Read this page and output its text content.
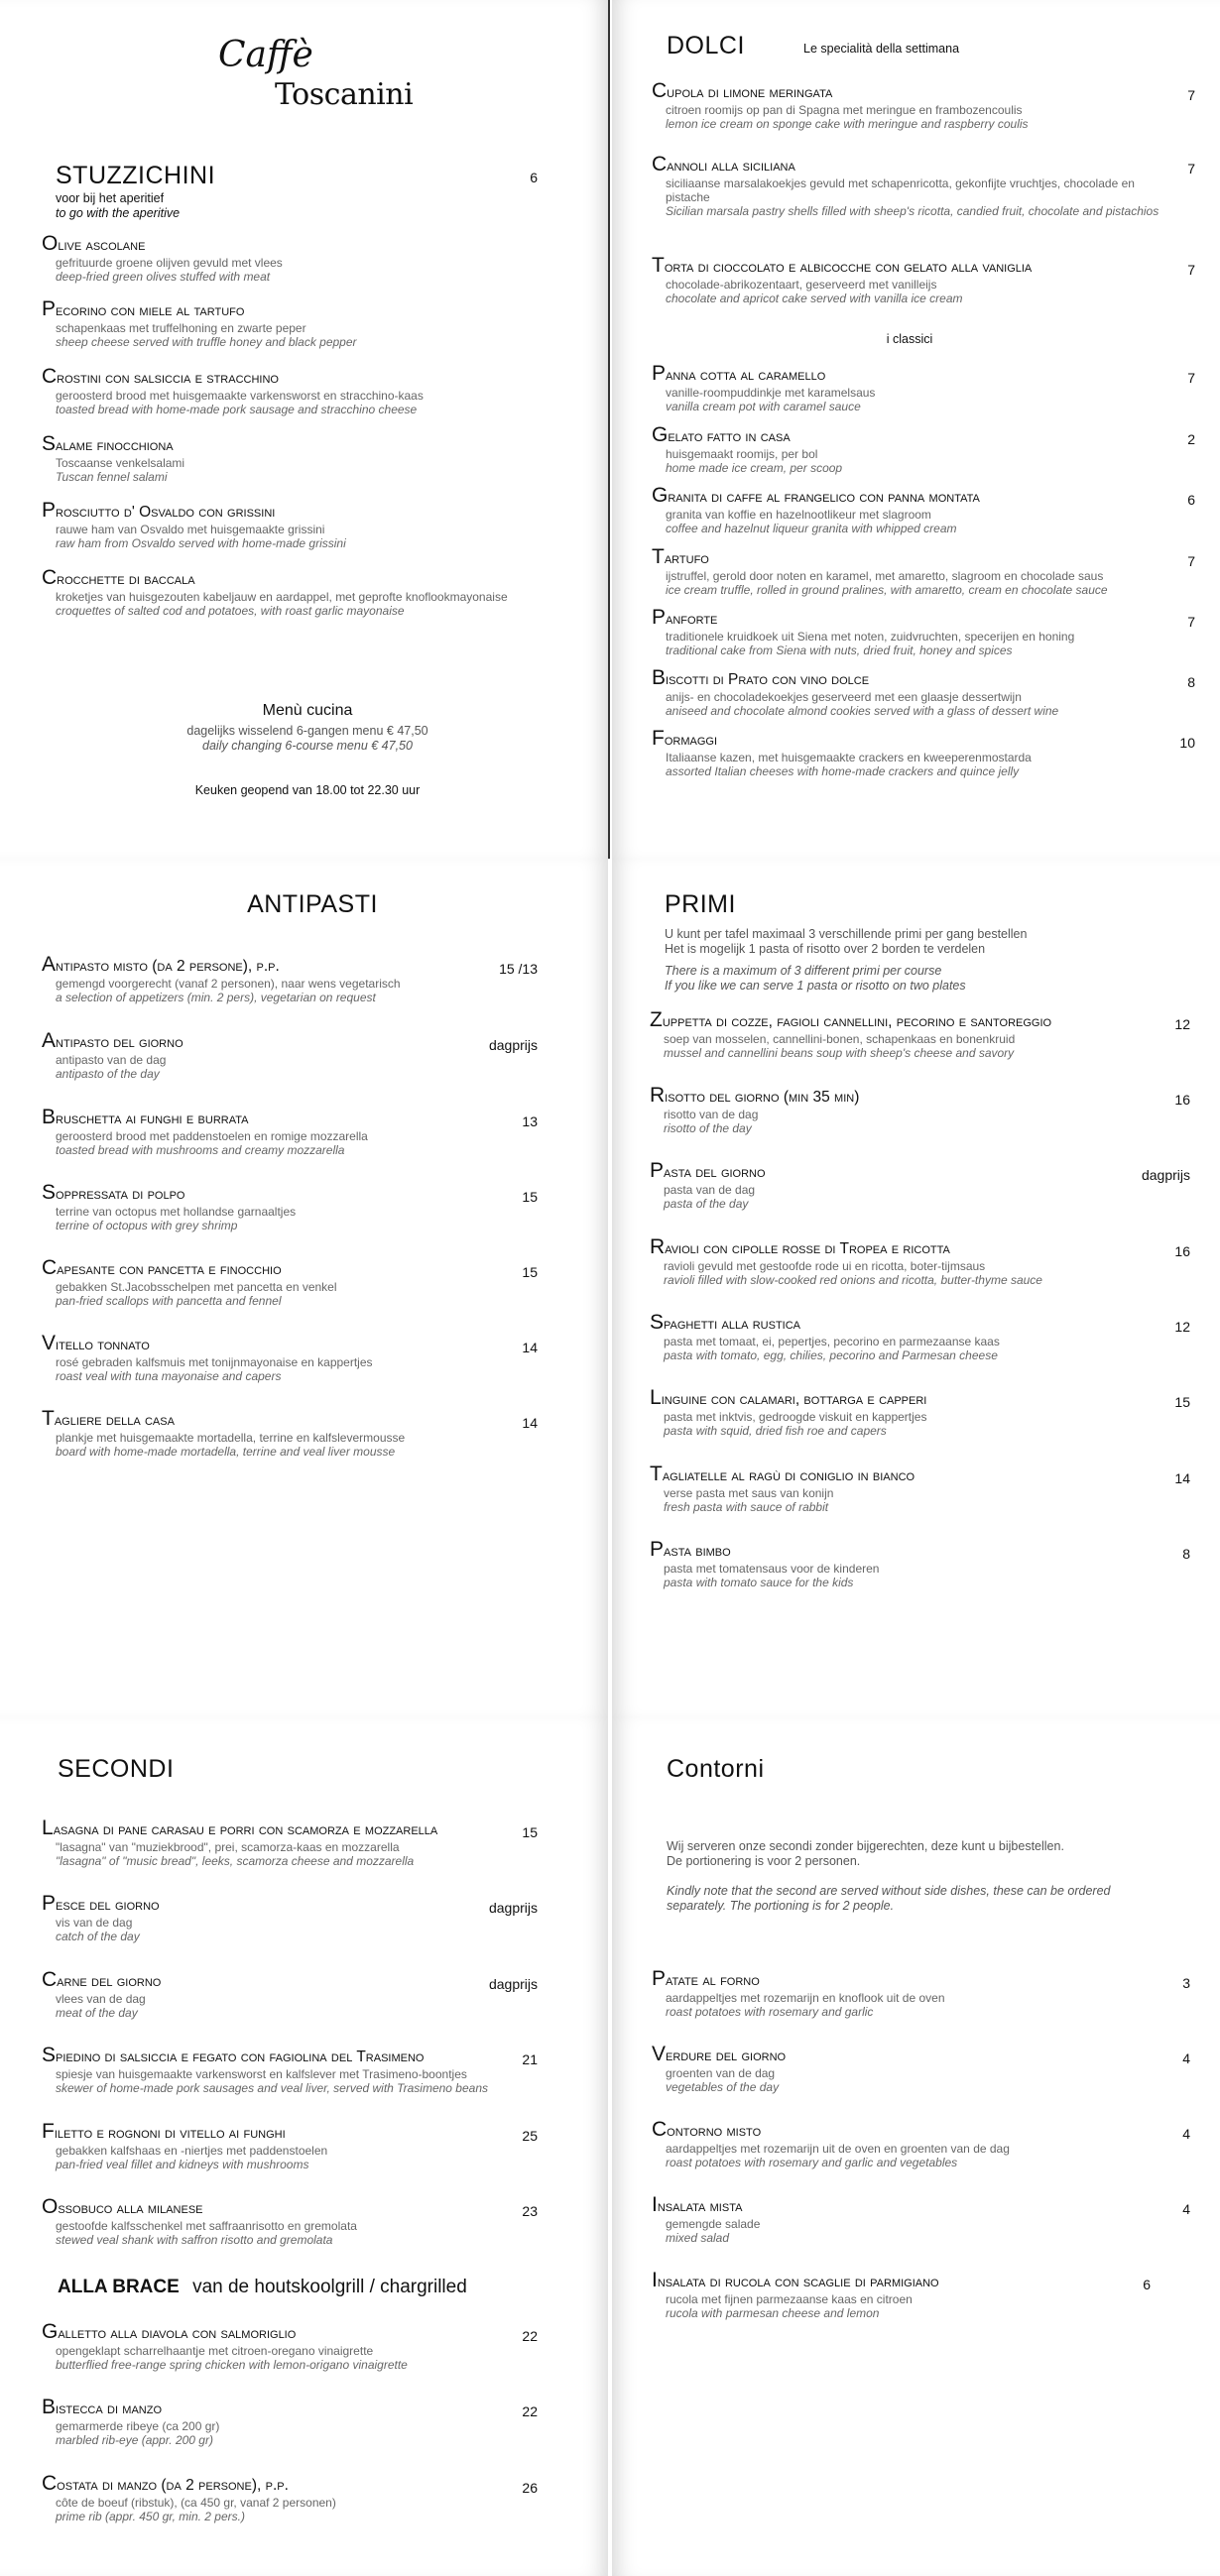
Caffè
Toscanini
STUZZICHINI	6
voor bij het aperitief
to go with the aperitive
Olive ascolane
gefrituurde groene olijven gevuld met vlees
deep-fried green olives stuffed with meat
Pecorino con miele al tartufo
schapenkaas met truffelhoning en zwarte peper
sheep cheese served with truffle honey and black pepper
Crostini con salsiccia e stracchino
geroosterd brood met huisgemaakte varkensworst en stracchino-kaas
toasted bread with home-made pork sausage and stracchino cheese
Salame finocchiona
Toscaanse venkelsalami
Tuscan fennel salami
Prosciutto d' Osvaldo con grissini
rauwe ham van Osvaldo met huisgemaakte grissini
raw ham from Osvaldo served with home-made grissini
Crocchette di baccala
kroketjes van huisgezouten kabeljauw en aardappel, met geprofte knoflookmayonaise
croquettes of salted cod and potatoes, with roast garlic mayonaise
Menù cucina
dagelijks wisselend 6-gangen menu € 47,50
daily changing 6-course menu € 47,50
Keuken geopend van 18.00 tot 22.30 uur
DOLCI	Le specialità della settimana
Cupola di limone meringata
citroen roomijs op pan di Spagna met meringue en frambozencoulis
lemon ice cream on sponge cake with meringue and raspberry coulis
7
Cannoli alla siciliana
siciliaanse marsalakoekjes gevuld met schapenricotta, gekonfijte vruchtjes, chocolade en pistache
Sicilian marsala pastry shells filled with sheep's ricotta, candied fruit, chocolate and pistachios
7
Torta di cioccolato e albicocche con gelato alla vaniglia
chocolade-abrikozentaart, geserveerd met vanilleijs
chocolate and apricot cake served with vanilla ice cream
7
i classici
Panna cotta al caramello
vanille-roompuddinkje met karamelsaus
vanilla cream pot with caramel sauce
7
Gelato fatto in casa
huisgemaakt roomijs, per bol
home made ice cream, per scoop
2
Granita di caffe al frangelico con panna montata
granita van koffie en hazelnootlikeur met slagroom
coffee and hazelnut liqueur granita with whipped cream
6
Tartufo
ijstruffel, gerold door noten en karamel, met amaretto, slagroom en chocolade saus
ice cream truffle, rolled in ground pralines, with amaretto, cream en chocolate sauce
7
Panforte
traditionele kruidkoek uit Siena met noten, zuidvruchten, specerijen en honing
traditional cake from Siena with nuts, dried fruit, honey and spices
7
Biscotti di Prato con vino dolce
anijs- en chocoladekoekjes geserveerd met een glaasje dessertwijn
aniseed and chocolate almond cookies served with a glass of dessert wine
8
Formaggi
Italiaanse kazen, met huisgemaakte crackers en kweeperenmostarda
assorted Italian cheeses with home-made crackers and quince jelly
10
ANTIPASTI
Antipasto misto (da 2 persone), p.p.
gemengd voorgerecht (vanaf 2 personen), naar wens vegetarisch
a selection of appetizers (min. 2 pers), vegetarian on request
15 /13
Antipasto del giorno
antipasto van de dag
antipasto of the day
dagprijs
Bruschetta ai funghi e burrata
geroosterd brood met paddenstoelen en romige mozzarella
toasted bread with mushrooms and creamy mozzarella
13
Soppressata di polpo
terrine van octopus met hollandse garnaaltjes
terrine of octopus with grey shrimp
15
Capesante con pancetta e finocchio
gebakken St.Jacobsschelpen met pancetta en venkel
pan-fried scallops with pancetta and fennel
15
Vitello tonnato
rosé gebraden kalfsmuis met tonijnmayonaise en kappertjes
roast veal with tuna mayonaise and capers
14
Tagliere della casa
plankje met huisgemaakte mortadella, terrine en kalfslevermousse
board with home-made mortadella, terrine and veal liver mousse
14
PRIMI
U kunt per tafel maximaal 3 verschillende primi per gang bestellen
Het is mogelijk 1 pasta of risotto over 2 borden te verdelen
There is a maximum of 3 different primi per course
If you like we can serve 1 pasta or risotto on two plates
Zuppetta di cozze, fagioli cannellini, pecorino e santoreggio
soep van mosselen, cannellini-bonen, schapenkaas en bonenkruid
mussel and cannellini beans soup with sheep's cheese and savory
12
Risotto del giorno (min 35 min)
risotto van de dag
risotto of the day
16
Pasta del giorno
pasta van de dag
pasta of the day
dagprijs
Ravioli con cipolle rosse di Tropea e ricotta
ravioli gevuld met gestoofde rode ui en ricotta, boter-tijmsaus
ravioli filled with slow-cooked red onions and ricotta, butter-thyme sauce
16
Spaghetti alla rustica
pasta met tomaat, ei, pepertjes, pecorino en parmezaanse kaas
pasta with tomato, egg, chilies, pecorino and Parmesan cheese
12
Linguine con calamari, bottarga e capperi
pasta met inktvis, gedroogde viskuit en kappertjes
pasta with squid, dried fish roe and capers
15
Tagliatelle al ragù di coniglio in bianco
verse pasta met saus van konijn
fresh pasta with sauce of rabbit
14
Pasta bimbo
pasta met tomatensaus voor de kinderen
pasta with tomato sauce for the kids
8
SECONDI
Lasagna di pane carasau e porri con scamorza e mozzarella
"lasagna" van "muziekbrood", prei, scamorza-kaas en mozzarella
"lasagna" of "music bread", leeks, scamorza cheese and mozzarella
15
Pesce del giorno
vis van de dag
catch of the day
dagprijs
Carne del giorno
vlees van de dag
meat of the day
dagprijs
Spiedino di salsiccia e fegato con fagiolina del Trasimeno
spiesje van huisgemaakte varkensworst en kalfslever met Trasimeno-boontjes
skewer of home-made pork sausages and veal liver, served with Trasimeno beans
21
Filetto e rognoni di vitello ai funghi
gebakken kalfshaas en -niertjes met paddenstoelen
pan-fried veal fillet and kidneys with mushrooms
25
Ossobuco alla milanese
gestoofde kalfsschenkel met saffraanrisotto en gremolata
stewed veal shank with saffron risotto and gremolata
23
ALLA BRACE van de houtskoolgrill / chargrilled
Galletto alla diavola con salmoriglio
opengeklapt scharrelhaantje met citroen-oregano vinaigrette
butterflied free-range spring chicken with lemon-origano vinaigrette
22
Bistecca di manzo
gemarmerde ribeye (ca 200 gr)
marbled rib-eye (appr. 200 gr)
22
Costata di manzo (da 2 persone), p.p.
côte de boeuf (ribstuk), (ca 450 gr, vanaf 2 personen)
prime rib (appr. 450 gr, min. 2 pers.)
26
Contorni
Wij serveren onze secondi zonder bijgerechten, deze kunt u bijbestellen.
De portionering is voor 2 personen.
Kindly note that the second are served without side dishes, these can be ordered
separately. The portioning is for 2 people.
Patate al forno
aardappeltjes met rozemarijn en knoflook uit de oven
roast potatoes with rosemary and garlic
3
Verdure del giorno
groenten van de dag
vegetables of the day
4
Contorno misto
aardappeltjes met rozemarijn uit de oven en groenten van de dag
roast potatoes with rosemary and garlic and vegetables
4
Insalata mista
gemengde salade
mixed salad
4
Insalata di rucola con scaglie di parmigiano
rucola met fijnen parmezaanse kaas en citroen
rucola with parmesan cheese and lemon
6
